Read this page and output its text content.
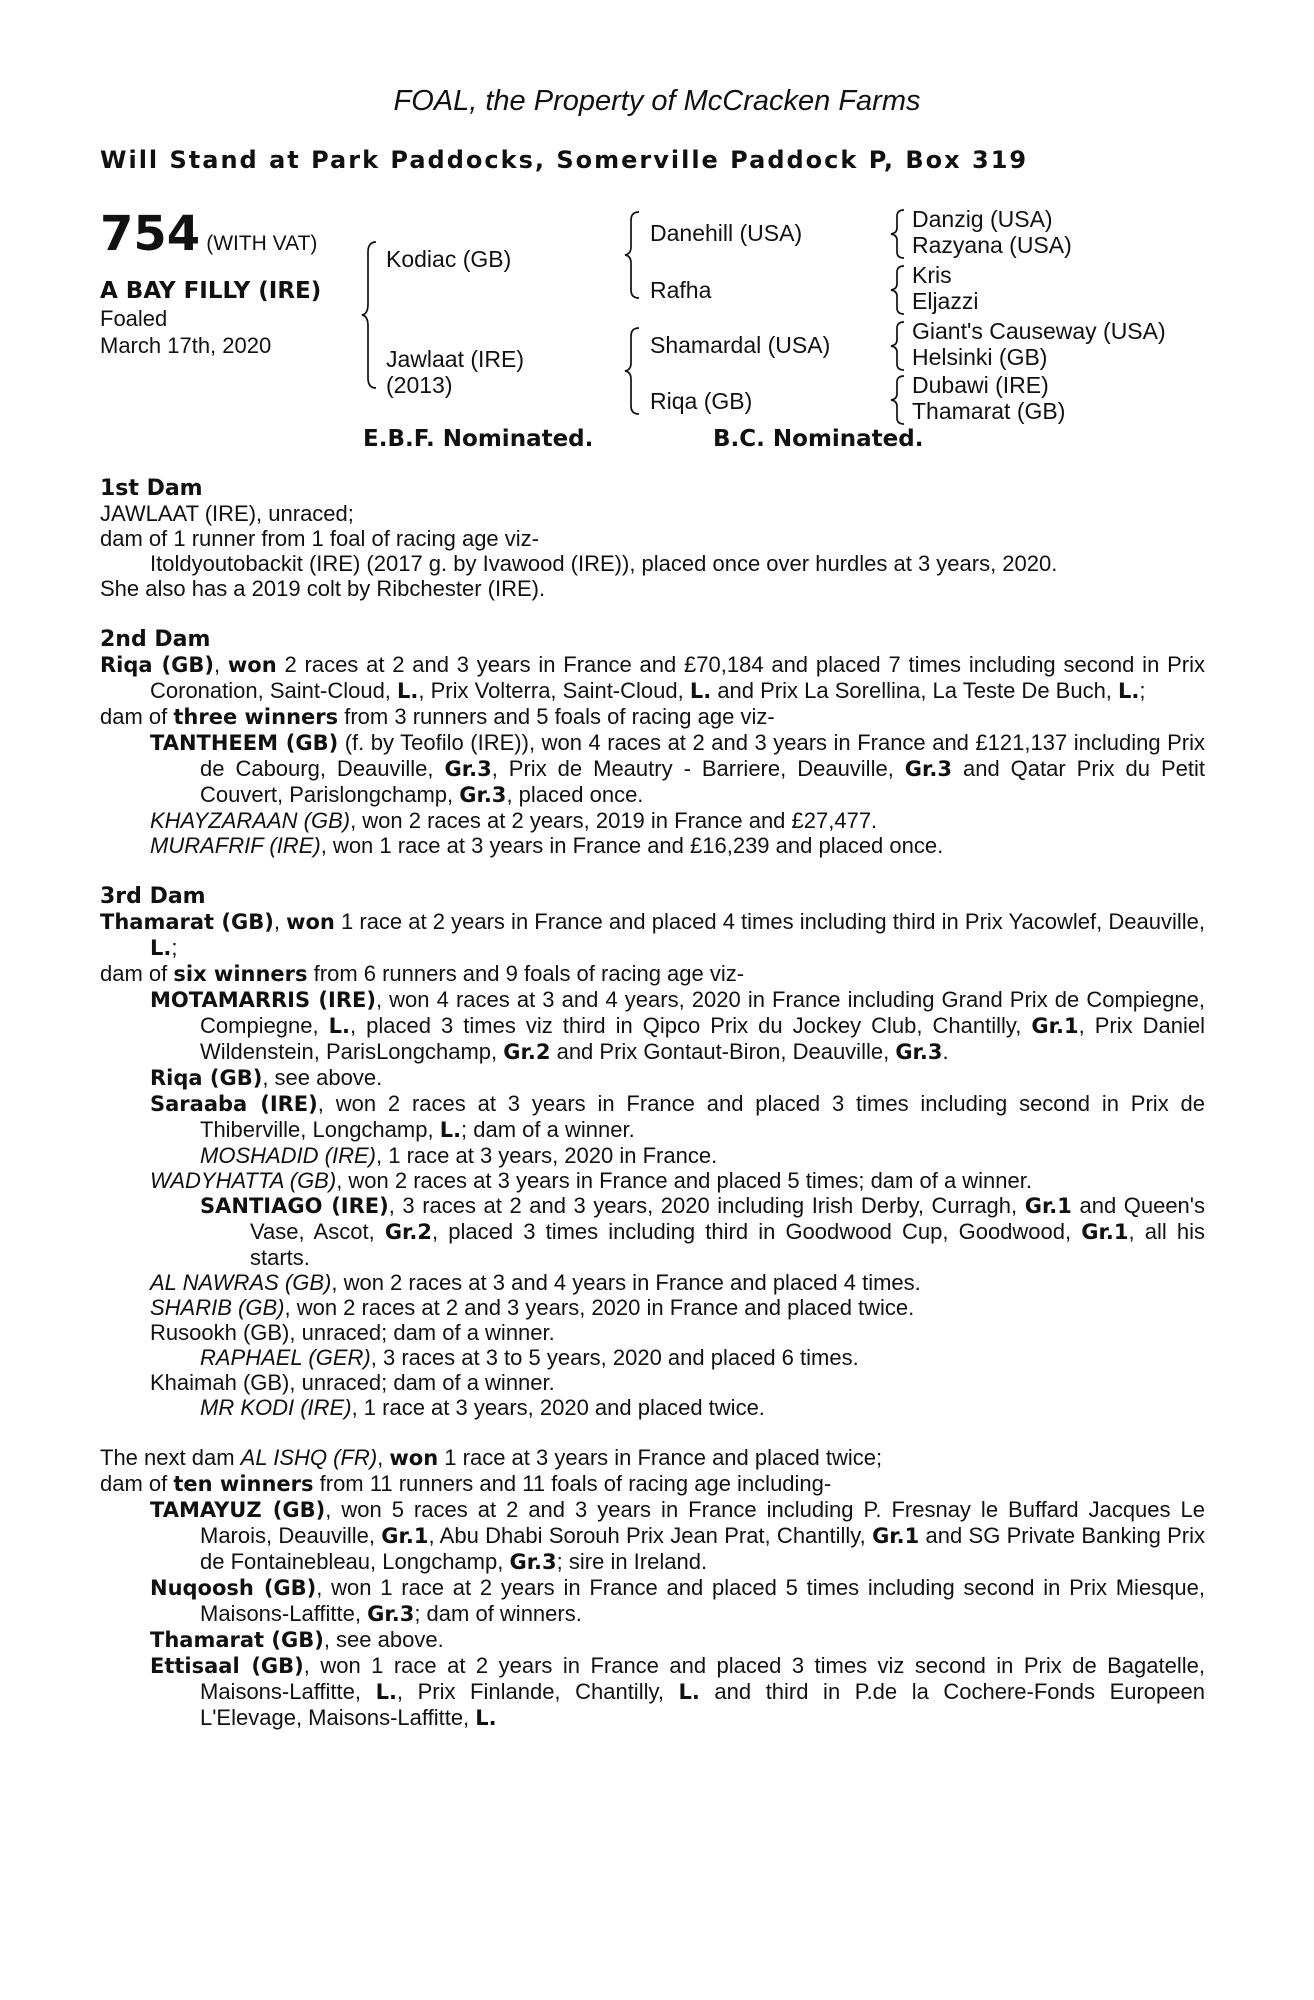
FOAL, the Property of McCracken Farms
Will Stand at Park Paddocks, Somerville Paddock P, Box 319
754 (WITH VAT)
A BAY FILLY (IRE)
Foaled
March 17th, 2020
Kodiac (GB)
Jawlaat (IRE)
(2013)
Danehill (USA)
Rafha
Shamardal (USA)
Riqa (GB)
Danzig (USA)
Razyana (USA)
Kris
Eljazzi
Giant's Causeway (USA)
Helsinki (GB)
Dubawi (IRE)
Thamarat (GB)
E.B.F. Nominated.	B.C. Nominated.
1st Dam
JAWLAAT (IRE), unraced;
dam of 1 runner from 1 foal of racing age viz-
Itoldyoutobackit (IRE) (2017 g. by Ivawood (IRE)), placed once over hurdles at 3 years, 2020.
She also has a 2019 colt by Ribchester (IRE).
2nd Dam
Riqa (GB), won 2 races at 2 and 3 years in France and £70,184 and placed 7 times including second in Prix Coronation, Saint-Cloud, L., Prix Volterra, Saint-Cloud, L. and Prix La Sorellina, La Teste De Buch, L.;
dam of three winners from 3 runners and 5 foals of racing age viz-
TANTHEEM (GB) (f. by Teofilo (IRE)), won 4 races at 2 and 3 years in France and £121,137 including Prix de Cabourg, Deauville, Gr.3, Prix de Meautry - Barriere, Deauville, Gr.3 and Qatar Prix du Petit Couvert, Parislongchamp, Gr.3, placed once.
KHAYZARAAN (GB), won 2 races at 2 years, 2019 in France and £27,477.
MURAFRIF (IRE), won 1 race at 3 years in France and £16,239 and placed once.
3rd Dam
Thamarat (GB), won 1 race at 2 years in France and placed 4 times including third in Prix Yacowlef, Deauville, L.;
dam of six winners from 6 runners and 9 foals of racing age viz-
MOTAMARRIS (IRE), won 4 races at 3 and 4 years, 2020 in France including Grand Prix de Compiegne, Compiegne, L., placed 3 times viz third in Qipco Prix du Jockey Club, Chantilly, Gr.1, Prix Daniel Wildenstein, ParisLongchamp, Gr.2 and Prix Gontaut-Biron, Deauville, Gr.3.
Riqa (GB), see above.
Saraaba (IRE), won 2 races at 3 years in France and placed 3 times including second in Prix de Thiberville, Longchamp, L.; dam of a winner.
MOSHADID (IRE), 1 race at 3 years, 2020 in France.
WADYHATTA (GB), won 2 races at 3 years in France and placed 5 times; dam of a winner.
SANTIAGO (IRE), 3 races at 2 and 3 years, 2020 including Irish Derby, Curragh, Gr.1 and Queen's Vase, Ascot, Gr.2, placed 3 times including third in Goodwood Cup, Goodwood, Gr.1, all his starts.
AL NAWRAS (GB), won 2 races at 3 and 4 years in France and placed 4 times.
SHARIB (GB), won 2 races at 2 and 3 years, 2020 in France and placed twice.
Rusookh (GB), unraced; dam of a winner.
RAPHAEL (GER), 3 races at 3 to 5 years, 2020 and placed 6 times.
Khaimah (GB), unraced; dam of a winner.
MR KODI (IRE), 1 race at 3 years, 2020 and placed twice.
The next dam AL ISHQ (FR), won 1 race at 3 years in France and placed twice;
dam of ten winners from 11 runners and 11 foals of racing age including-
TAMAYUZ (GB), won 5 races at 2 and 3 years in France including P. Fresnay le Buffard Jacques Le Marois, Deauville, Gr.1, Abu Dhabi Sorouh Prix Jean Prat, Chantilly, Gr.1 and SG Private Banking Prix de Fontainebleau, Longchamp, Gr.3; sire in Ireland.
Nuqoosh (GB), won 1 race at 2 years in France and placed 5 times including second in Prix Miesque, Maisons-Laffitte, Gr.3; dam of winners.
Thamarat (GB), see above.
Ettisaal (GB), won 1 race at 2 years in France and placed 3 times viz second in Prix de Bagatelle, Maisons-Laffitte, L., Prix Finlande, Chantilly, L. and third in P.de la Cochere-Fonds Europeen L'Elevage, Maisons-Laffitte, L.
